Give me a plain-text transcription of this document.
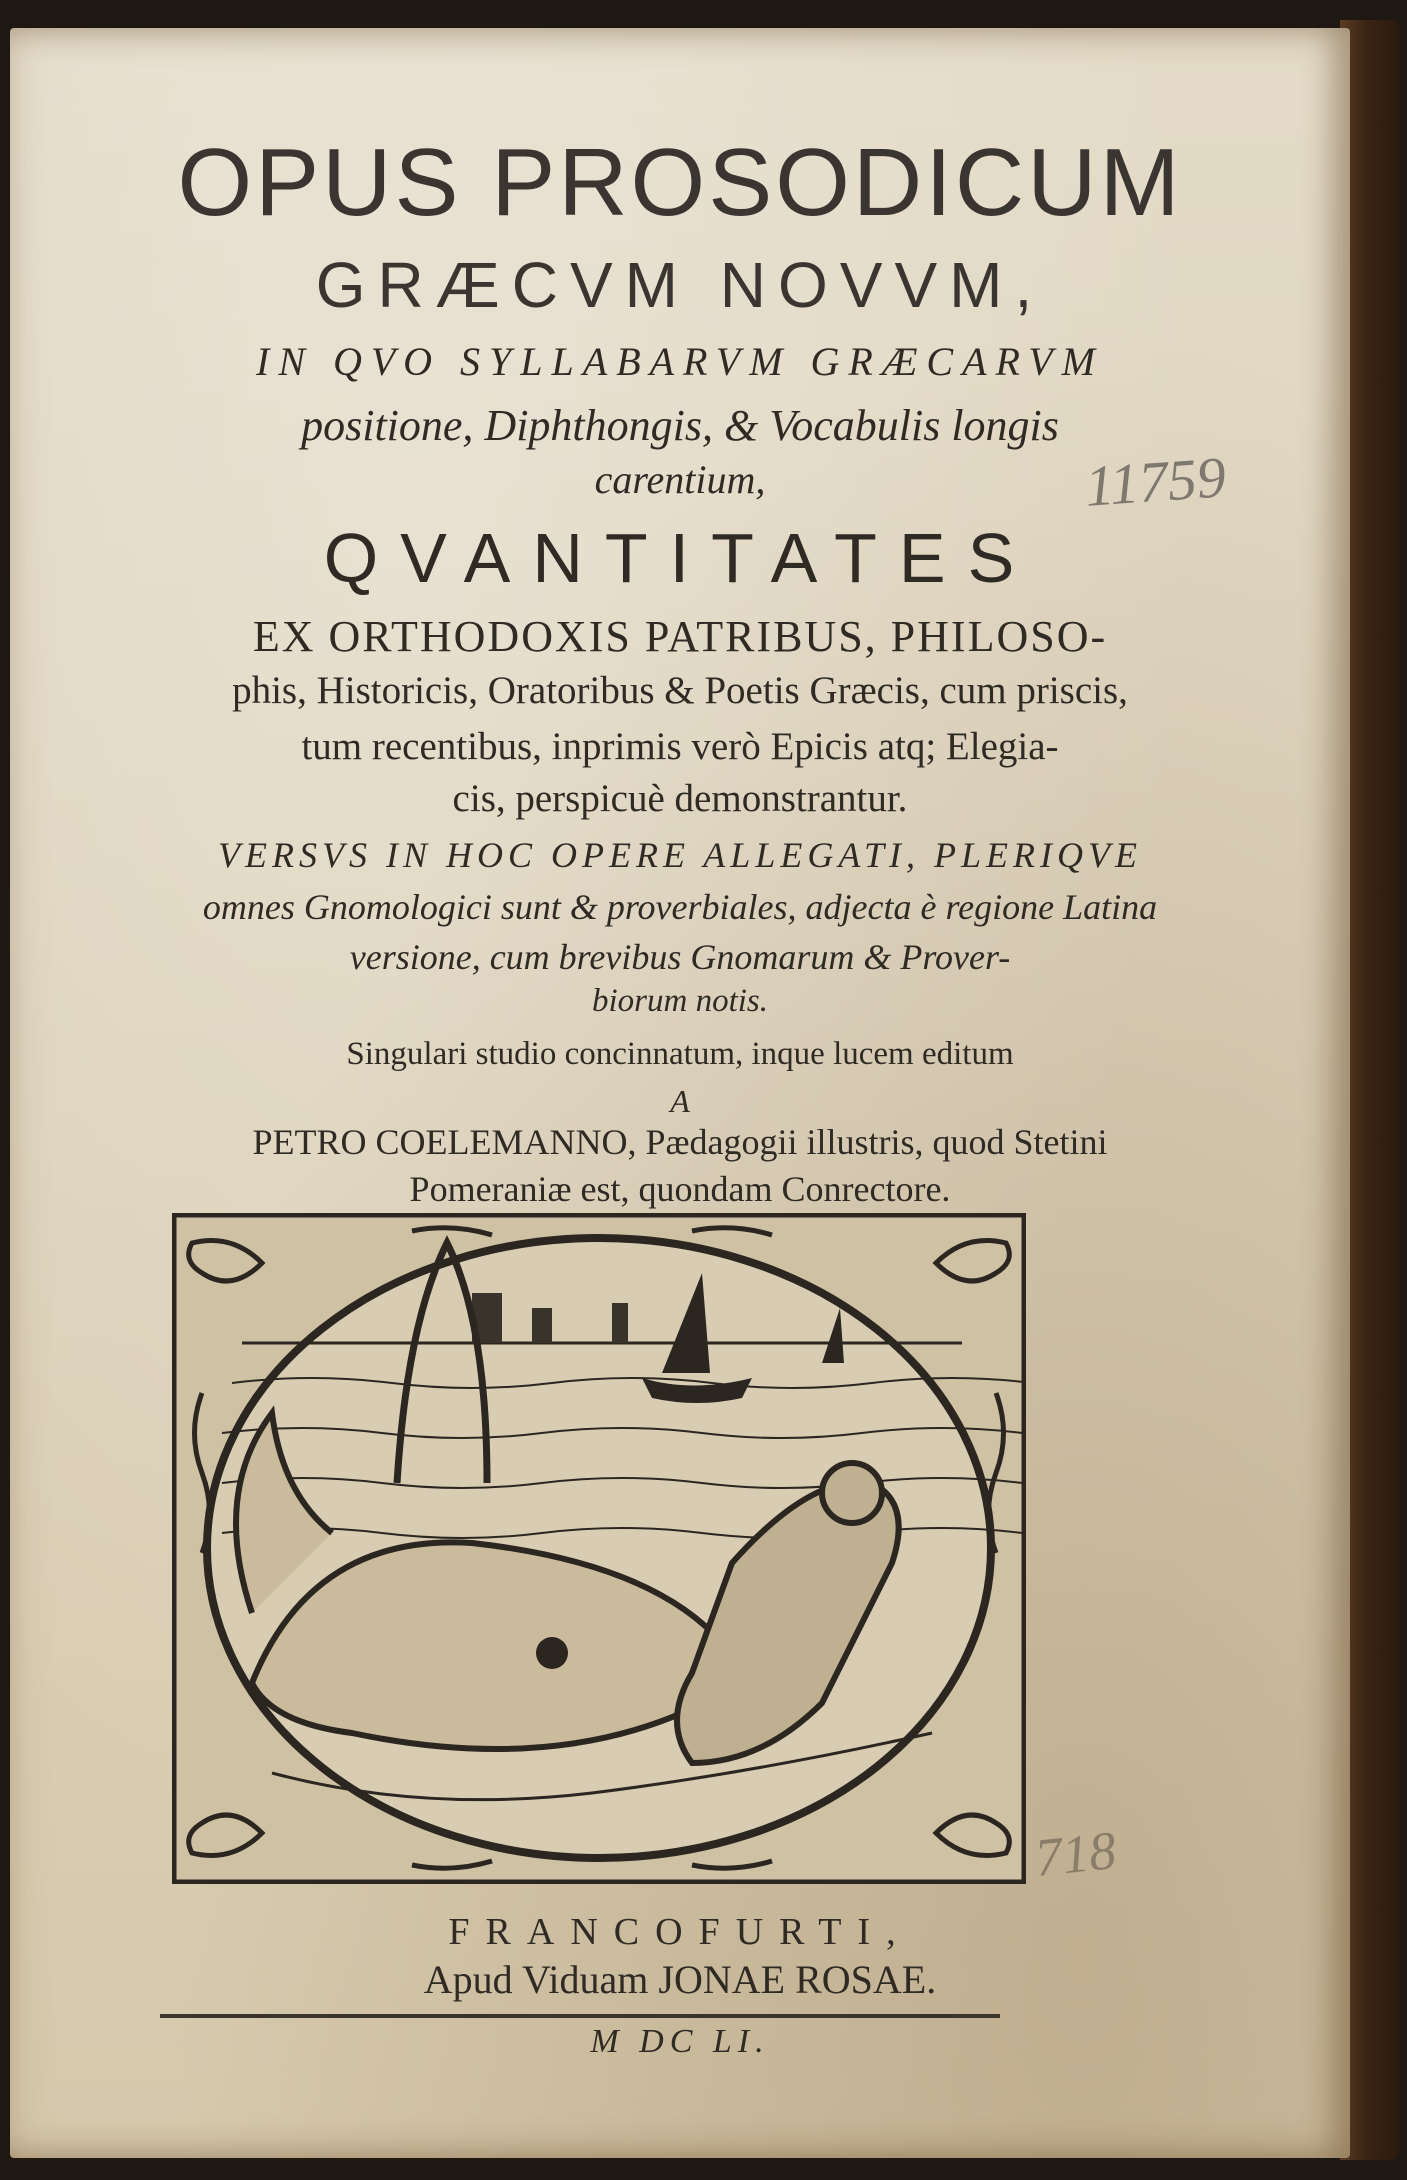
OPUS PROSODICUM
GRÆCVM NOVVM,
IN QVO SYLLABARVM GRÆCARVM
positione, Diphthongis, & Vocabulis longis
carentium,
QVANTITATES
EX ORTHODOXIS PATRIBUS, PHILOSO-
phis, Historicis, Oratoribus & Poetis Græcis, cum priscis,
tum recentibus, inprimis verò Epicis atq; Elegia-
cis, perspicuè demonstrantur.
VERSVS IN HOC OPERE ALLEGATI, PLERIQVE
omnes Gnomologici sunt & proverbiales, adjecta è regione Latina
versione, cum brevibus Gnomarum & Prover-
biorum notis.
Singulari studio concinnatum, inque lucem editum
A
PETRO COELEMANNO, Pædagogii illustris, quod Stetini
Pomeraniæ est, quondam Conrectore.
FRANCOFURTI,
Apud Viduam JONAE ROSAE.
M DC LI.
11759
718
